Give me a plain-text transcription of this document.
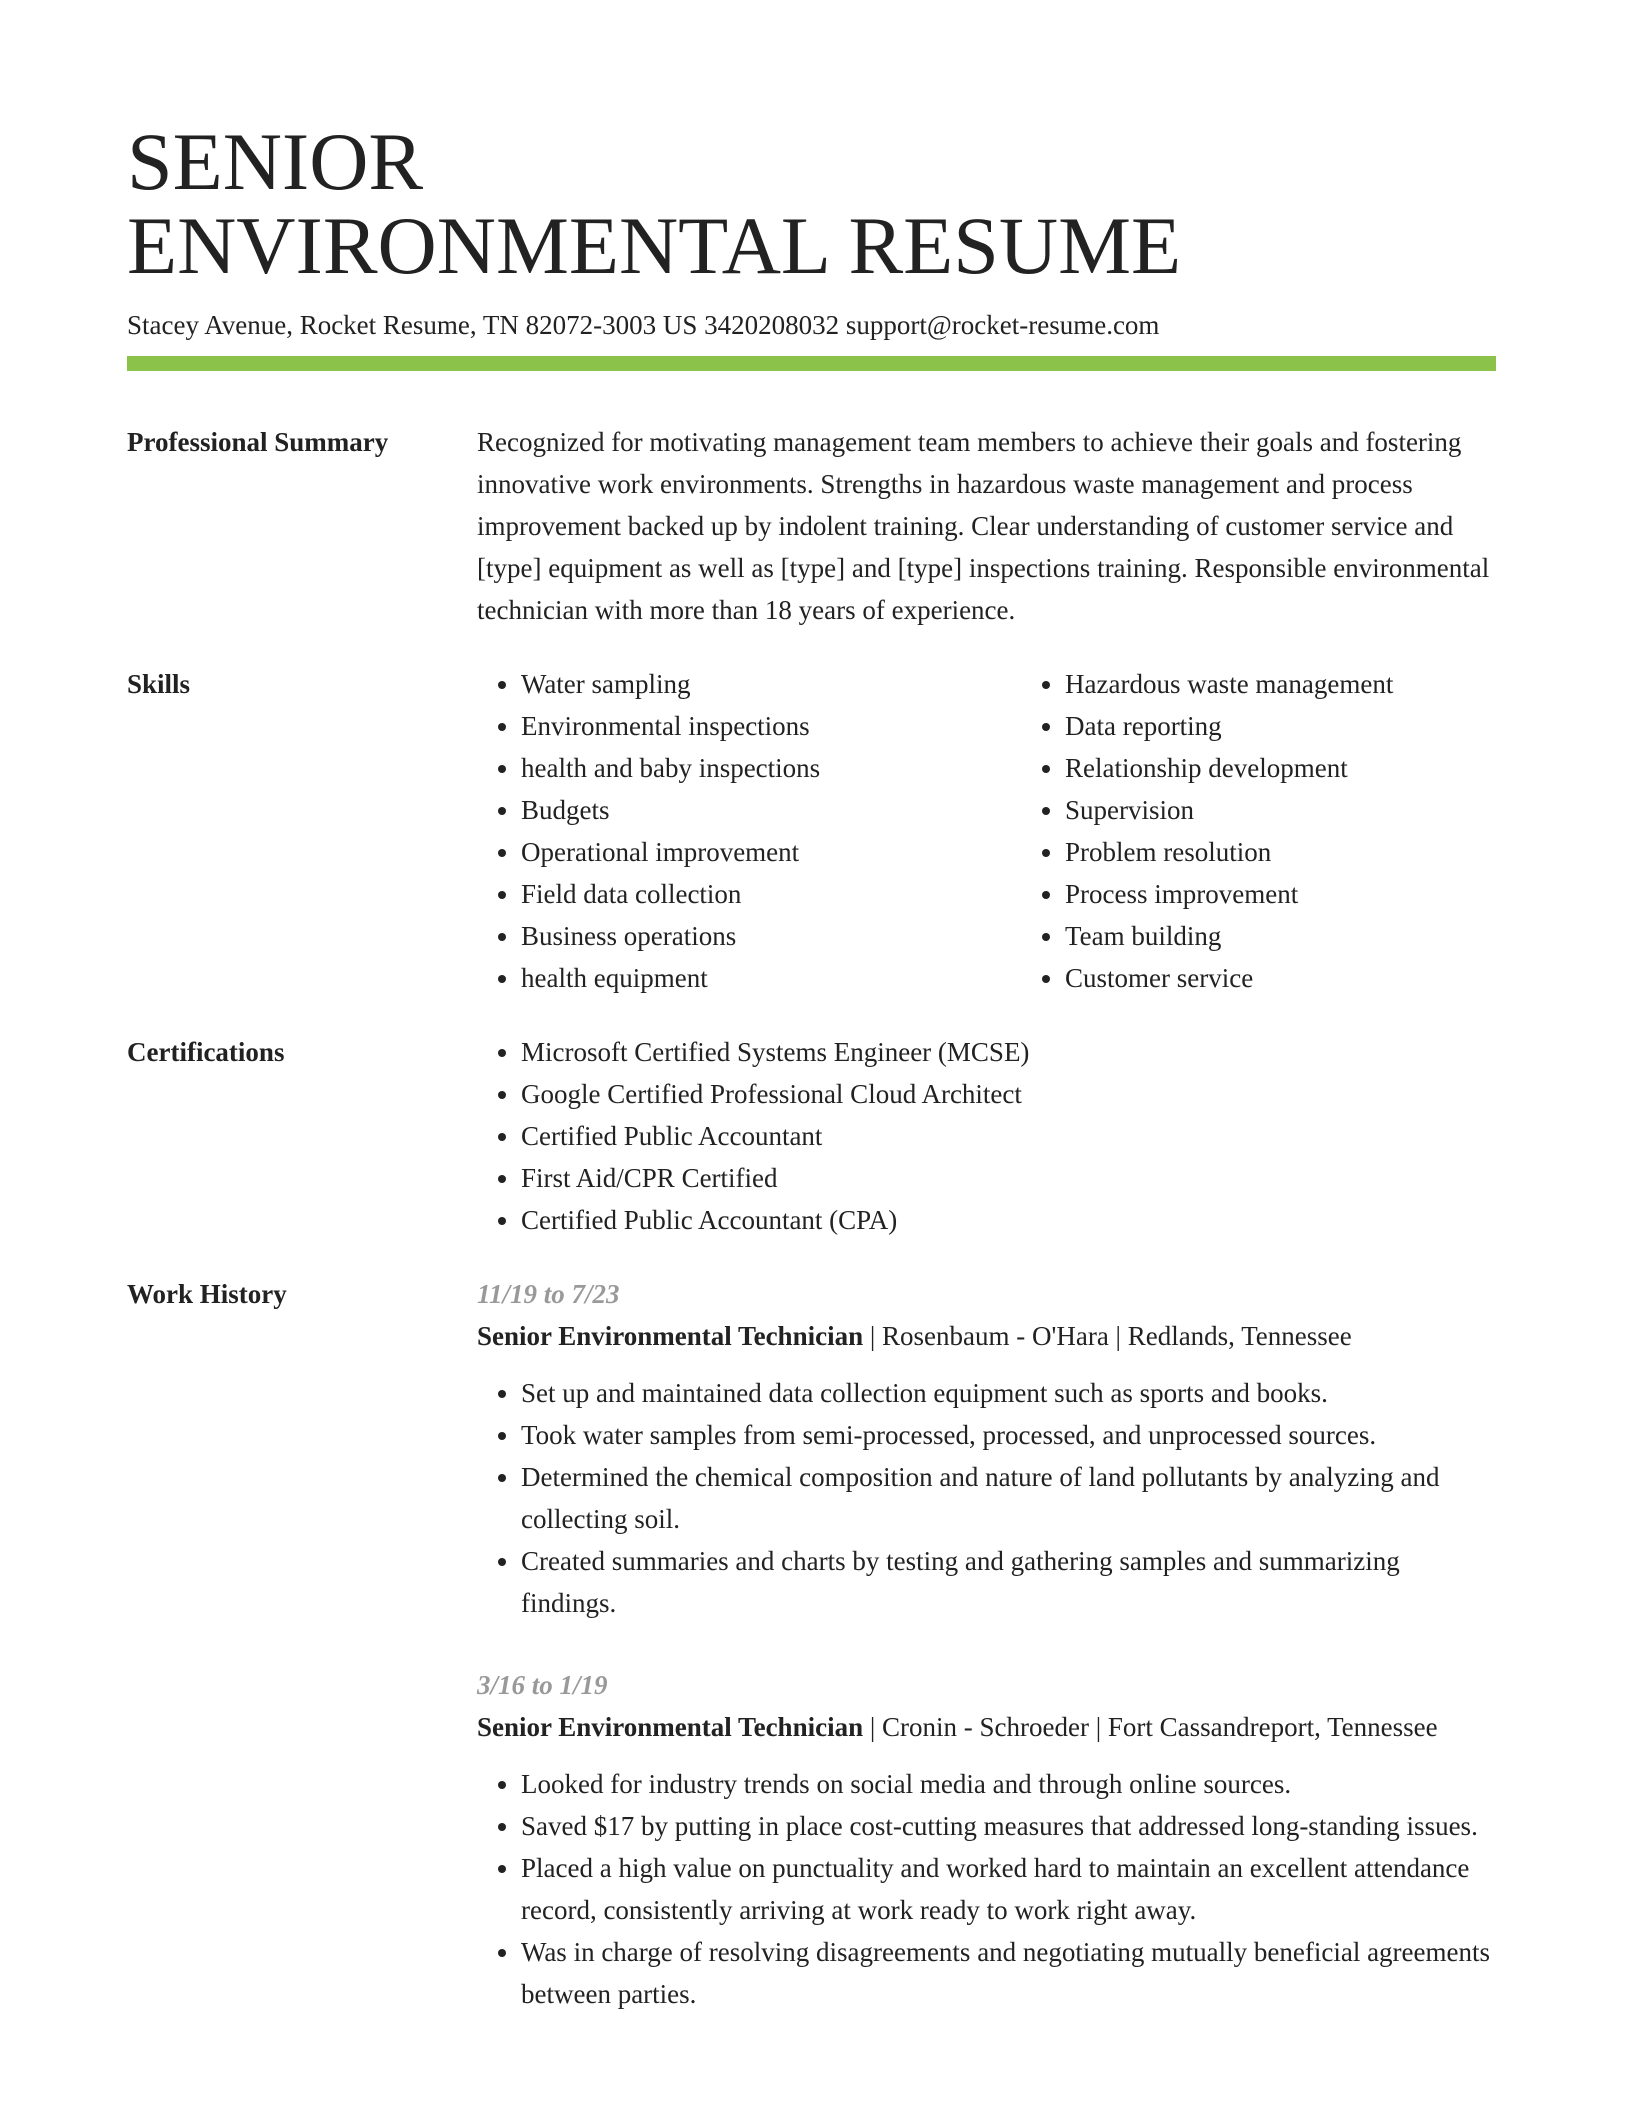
SENIOR
ENVIRONMENTAL RESUME
Stacey Avenue, Rocket Resume, TN 82072-3003 US 3420208032 support@rocket-resume.com
Professional Summary	Recognized for motivating management team members to achieve their goals and fostering innovative work environments. Strengths in hazardous waste management and process improvement backed up by indolent training. Clear understanding of customer service and [type] equipment as well as [type] and [type] inspections training. Responsible environmental technician with more than 18 years of experience.
Skills	• Water sampling
• Environmental inspections
• health and baby inspections
• Budgets
• Operational improvement
• Field data collection
• Business operations
• health equipment
• Hazardous waste management
• Data reporting
• Relationship development
• Supervision
• Problem resolution
• Process improvement
• Team building
• Customer service
Certifications	• Microsoft Certified Systems Engineer (MCSE)
• Google Certified Professional Cloud Architect
• Certified Public Accountant
• First Aid/CPR Certified
• Certified Public Accountant (CPA)
Work History	11/19 to 7/23
Senior Environmental Technician | Rosenbaum - O'Hara | Redlands, Tennessee
• Set up and maintained data collection equipment such as sports and books.
• Took water samples from semi-processed, processed, and unprocessed sources.
• Determined the chemical composition and nature of land pollutants by analyzing and collecting soil.
• Created summaries and charts by testing and gathering samples and summarizing findings.
3/16 to 1/19
Senior Environmental Technician | Cronin - Schroeder | Fort Cassandreport, Tennessee
• Looked for industry trends on social media and through online sources.
• Saved $17 by putting in place cost-cutting measures that addressed long-standing issues.
• Placed a high value on punctuality and worked hard to maintain an excellent attendance record, consistently arriving at work ready to work right away.
• Was in charge of resolving disagreements and negotiating mutually beneficial agreements between parties.
